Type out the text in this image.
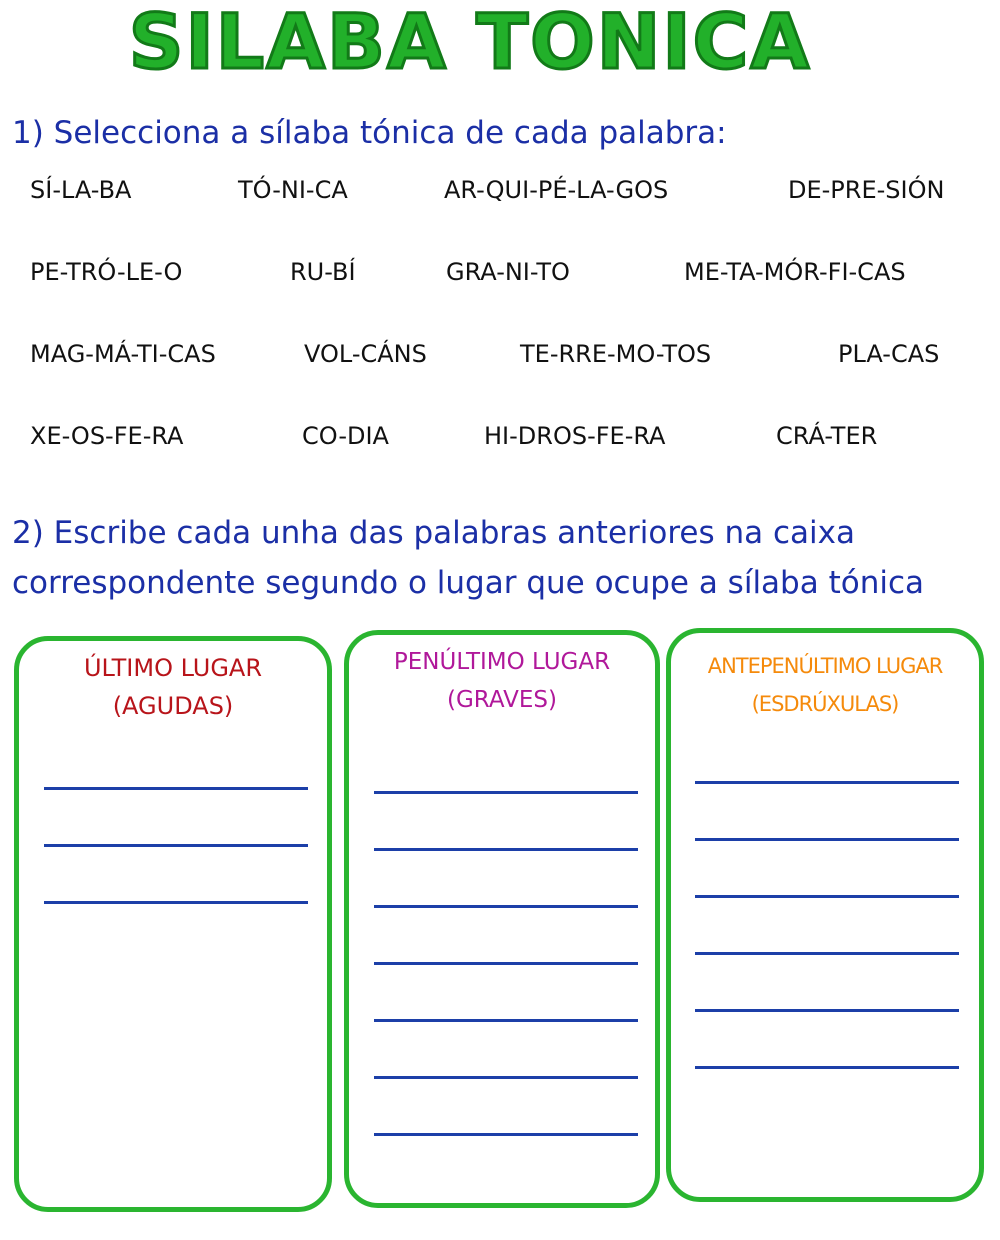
SILABA TONICA
1) Selecciona a sílaba tónica de cada palabra:
SÍ-LA-BA	TÓ-NI-CA	AR-QUI-PÉ-LA-GOS	DE-PRE-SIÓN
PE-TRÓ-LE-O	RU-BÍ	GRA-NI-TO	ME-TA-MÓR-FI-CAS
MAG-MÁ-TI-CAS	VOL-CÁNS	TE-RRE-MO-TOS	PLA-CAS
XE-OS-FE-RA	CO-DIA	HI-DROS-FE-RA	CRÁ-TER
2) Escribe cada unha das palabras anteriores na caixa
correspondente segundo o lugar que ocupe a sílaba tónica
ÚLTIMO LUGAR
(AGUDAS)
PENÚLTIMO LUGAR
(GRAVES)
ANTEPENÚLTIMO LUGAR
(ESDRÚXULAS)
